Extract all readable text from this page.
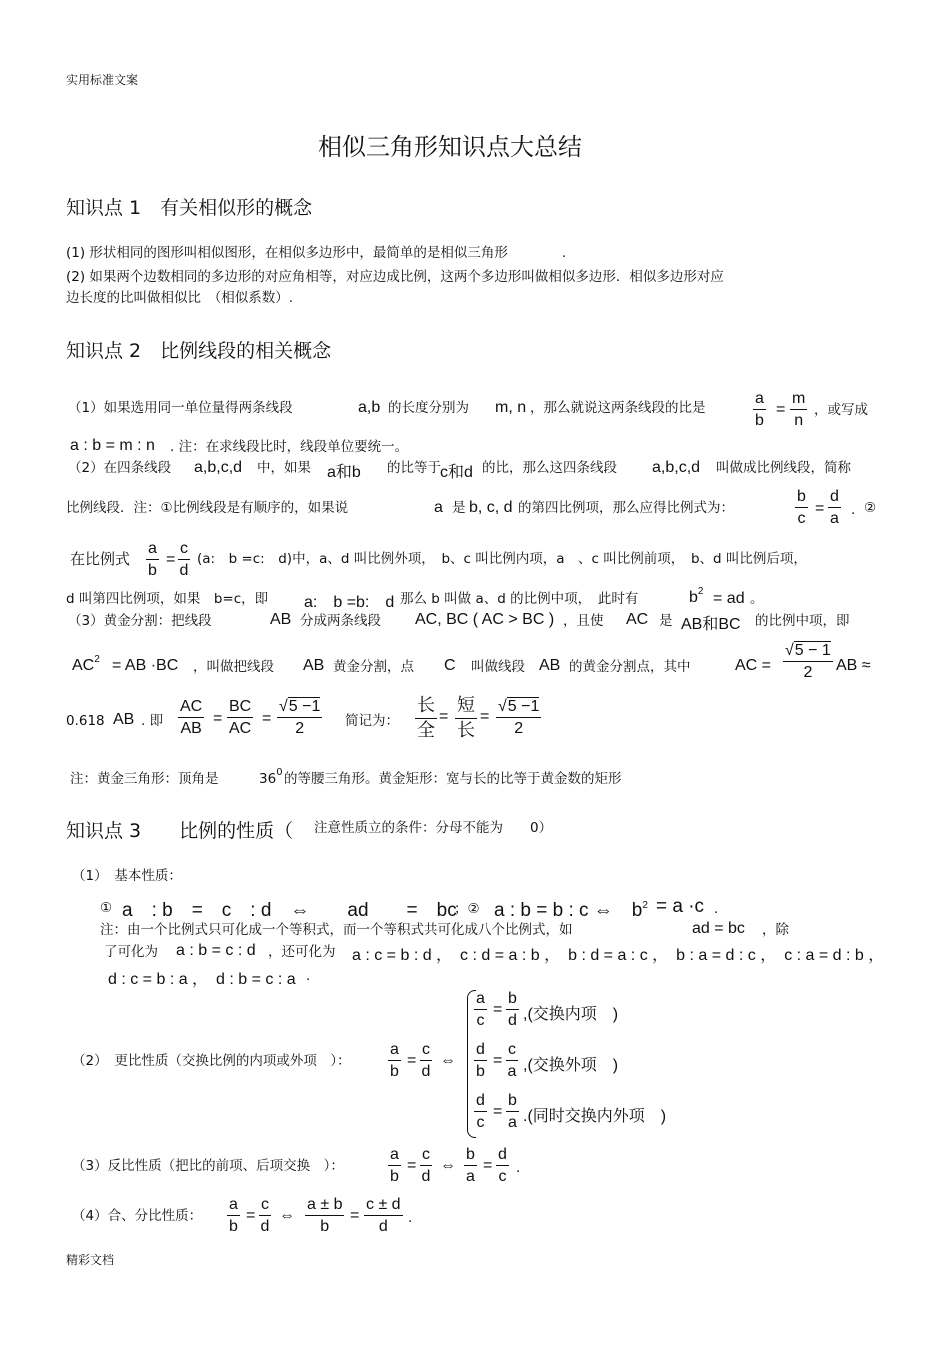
实用标准文案
精彩文档
相似三角形知识点大总结
知识点 1　有关相似形的概念
(1) 形状相同的图形叫相似图形，在相似多边形中，最简单的是相似三角形　　　　.
(2) 如果两个边数相同的多边形的对应角相等，对应边成比例，这两个多边形叫做相似多边形．相似多边形对应
边长度的比叫做相似比　（相似系数）.
知识点 2　比例线段的相关概念
（1）如果选用同一单位量得两条线段	a,b 的长度分别为 m, n ，那么就说这两条线段的比是	$\frac{a}{b} = \frac{m}{n}$ ，或写成
a : b = m : n . 注：在求线段比时，线段单位要统一。
（2）在四条线段 a,b,c,d 中，如果 a和b 的比等于 c和d 的比，那么这四条线段 a,b,c,d 叫做成比例线段，简称
比例线段．注：①比例线段是有顺序的，如果说	a 是 b, c, d 的第四比例项，那么应得比例式为：	$\frac{b}{c} = \frac{d}{a}$ . ②
在比例式 $\frac{a}{b} = \frac{c}{d} (a$:　b =c:　d)中，a、d 叫比例外项，　b、c 叫比例内项，a　、c 叫比例前项，　b、d 叫比例后项，
d 叫第四比例项，如果　b=c，即 a:　b =b:　d 那么 b 叫做 a、d 的比例中项，　此时有	$b^2$ = ad 。
（3）黄金分割：把线段	AB 分成两条线段 AC, BC ( AC > BC ) ，且使 AC 是 AB和BC 的比例中项，即
$AC^2$ = AB ·BC ，叫做把线段 AB 黄金分割，点 C 叫做线段 AB 的黄金分割点，其中	AC = $\frac{√5 - 1}{2}$ AB ≈
0.618 AB . 即 $\frac{AC}{AB} = \frac{BC}{AC} = \frac{√5 -1}{2}$ 简记为：
长
全
=
短
长
= $\frac{√5 -1}{2}$
注：黄金三角形：顶角是	$36^0$ 的等腰三角形。黄金矩形：宽与长的比等于黄金数的矩形
知识点 3　　比例的性质（ 注意性质立的条件：分母不能为　　0）
（1）　基本性质：
① a　: b　=　c　: d　⇔　　ad　　=　bc
；② a : b = b : c ⇔　$b^2 = a \cdot c$ .
注：由一个比例式只可化成一个等积式，而一个等积式共可化成八个比例式，如	ad = bc ，除
了可化为 a : b = c : d ，还可化为 a : c = b : d ，　c : d = a : b ，　b : d = a : c ，　b : a = d : c ，　c : a = d : b ，
d : c = b : a ，　d : b = c : a .
（2）　更比性质（交换比例的内项或外项　）： $\frac{a}{b} = \frac{c}{d}$ ⇔
$\frac{a}{c} = \frac{b}{d}$ ,(交换内项　)
$\frac{d}{b} = \frac{c}{a}$ ,(交换外项　)
$\frac{d}{c} = \frac{b}{a}$ .(同时交换内外项　)
（3）反比性质（把比的前项、后项交换　）：	$\frac{a}{b} = \frac{c}{d}$ ⇔ $\frac{b}{a} = \frac{d}{c}$ .
（4）合、分比性质： $\frac{a}{b} = \frac{c}{d}$ ⇔ $\frac{a \pm b}{b} = \frac{c \pm d}{d}$ .
